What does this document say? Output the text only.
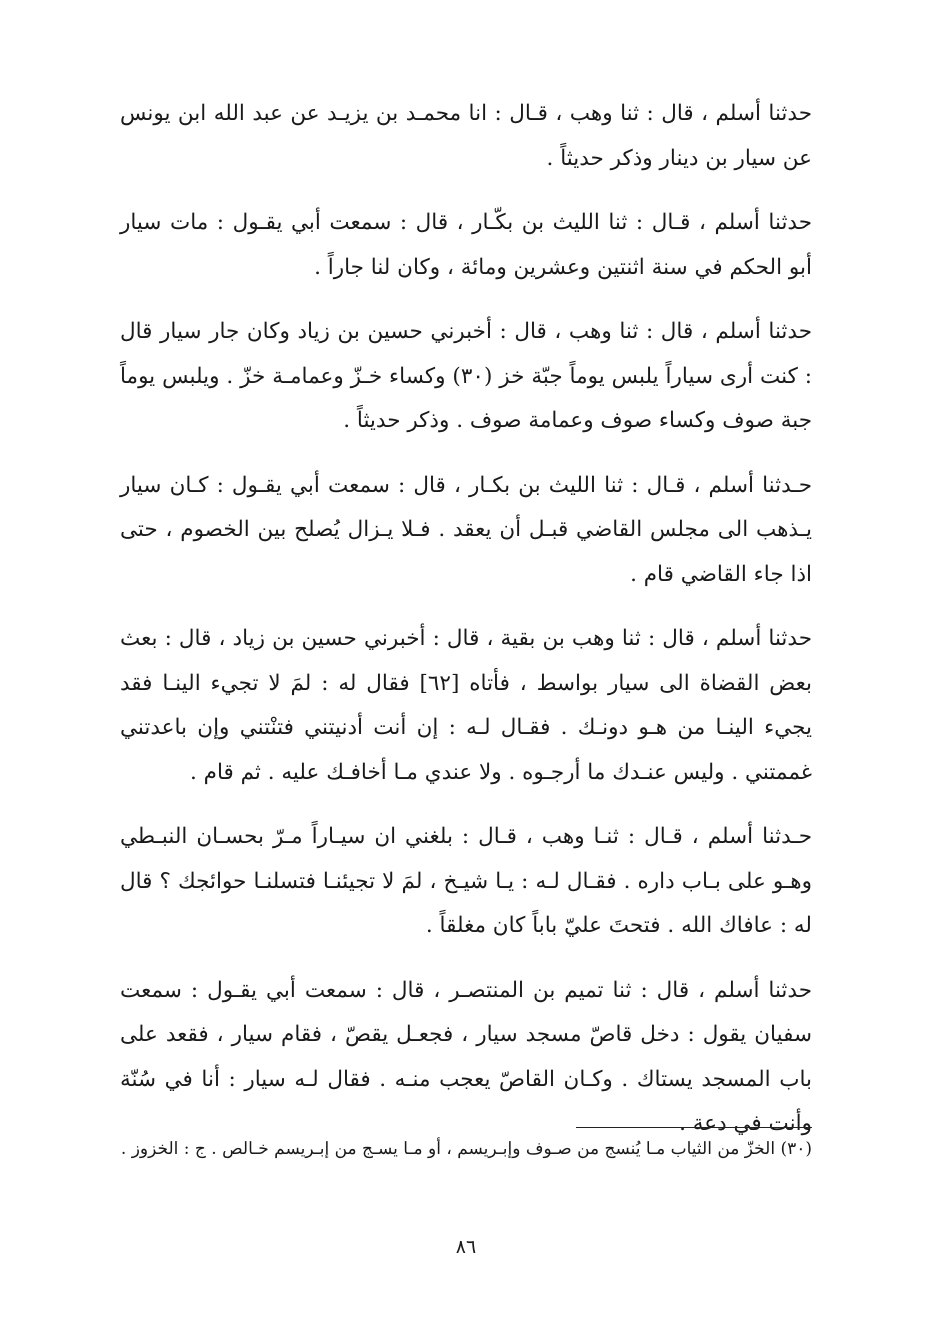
حدثنا أسلم ، قال : ثنا وهب ، قـال : انا محمـد بن يزيـد عن عبد الله ابن يونس عن سيار بن دينار وذكر حديثاً .

حدثنا أسلم ، قـال : ثنا الليث بن بكّـار ، قال : سمعت أبي يقـول : مات سيار أبو الحكم في سنة اثنتين وعشرين ومائة ، وكان لنا جاراً .

حدثنا أسلم ، قال : ثنا وهب ، قال : أخبرني حسين بن زياد وكان جار سيار قال : كنت أرى سياراً يلبس يوماً جبّة خز (٣٠) وكساء خـزّ وعمامـة خزّ . ويلبس يوماً جبة صوف وكساء صوف وعمامة صوف . وذكر حديثاً .

حـدثنا أسلم ، قـال : ثنا الليث بن بكـار ، قال : سمعت أبي يقـول : كـان سيار يـذهب الى مجلس القاضي قبـل أن يعقد . فـلا يـزال يُصلح بين الخصوم ، حتى اذا جاء القاضي قام .

حدثنا أسلم ، قال : ثنا وهب بن بقية ، قال : أخبرني حسين بن زياد ، قال : بعث بعض القضاة الى سيار بواسط ، فأتاه [٦٢] فقال له : لمَ لا تجيء الينـا فقد يجيء الينـا من هـو دونـك . فقـال لـه : إن أنت أدنيتني فتنْتني وإن باعدتني غممتني . وليس عنـدك ما أرجـوه . ولا عندي مـا أخافـك عليه . ثم قام .

حـدثنا أسلم ، قـال : ثنـا وهب ، قـال : بلغني ان سيـاراً مـرّ بحسـان النبـطي وهـو على بـاب داره . فقـال لـه : يـا شيـخ ، لمَ لا تجيئنـا فتسلنـا حوائجك ؟ قال له : عافاك الله . فتحتَ عليّ باباً كان مغلقاً .

حدثنا أسلم ، قال : ثنا تميم بن المنتصـر ، قال : سمعت أبي يقـول : سمعت سفيان يقول : دخل قاصّ مسجد سيار ، فجعـل يقصّ ، فقام سيار ، فقعد على باب المسجد يستاك . وكـان القاصّ يعجب منـه . فقال لـه سيار : أنا في سُنّة وأنت في دعة .

(٣٠) الخزّ من الثياب مـا يُنسج من صـوف وإبـريسم ، أو مـا يسـج من إبـريسم خـالص . ج : الخزوز .
٨٦
